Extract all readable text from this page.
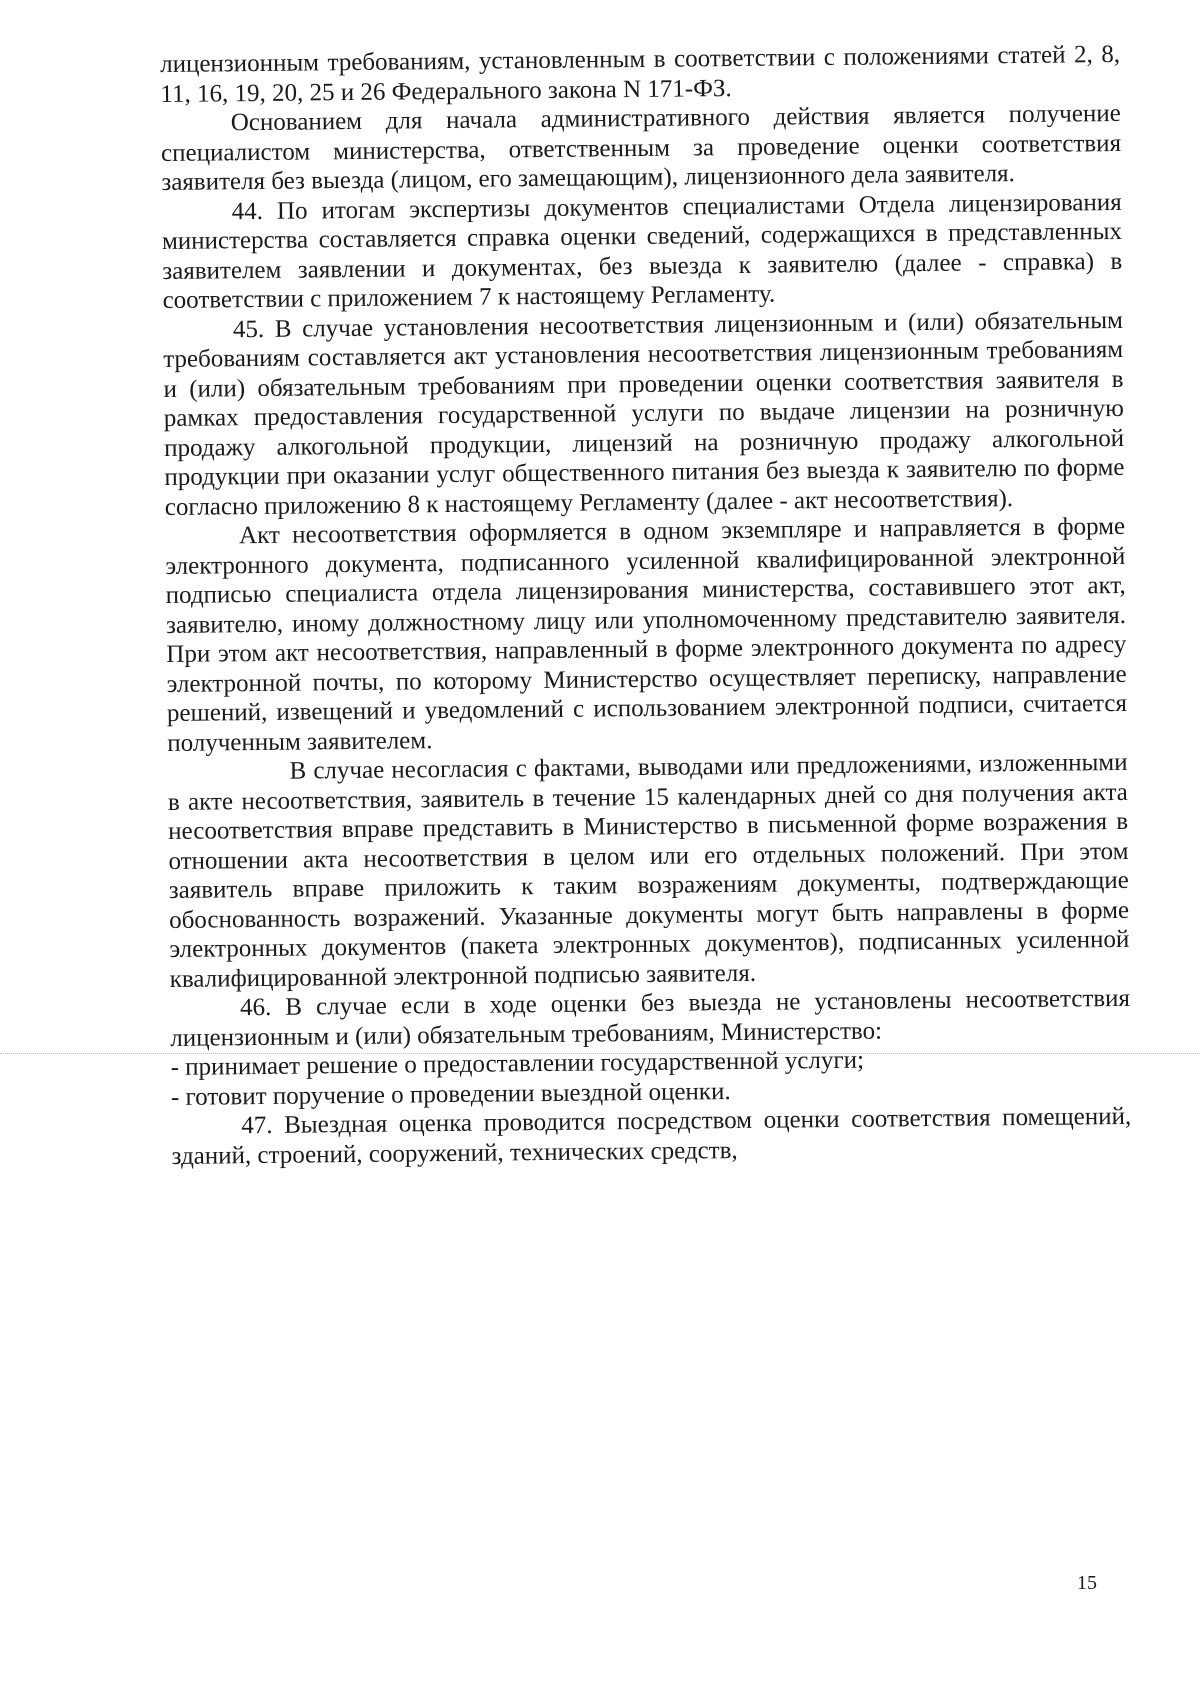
лицензионным требованиям, установленным в соответствии с положениями статей 2, 8, 11, 16, 19, 20, 25 и 26 Федерального закона N 171-ФЗ.

Основанием для начала административного действия является получение специалистом министерства, ответственным за проведение оценки соответствия заявителя без выезда (лицом, его замещающим), лицензионного дела заявителя.

44. По итогам экспертизы документов специалистами Отдела лицензирования министерства составляется справка оценки сведений, содержащихся в представленных заявителем заявлении и документах, без выезда к заявителю (далее - справка) в соответствии с приложением 7 к настоящему Регламенту.

45. В случае установления несоответствия лицензионным и (или) обязательным требованиям составляется акт установления несоответствия лицензионным требованиям и (или) обязательным требованиям при проведении оценки соответствия заявителя в рамках предоставления государственной услуги по выдаче лицензии на розничную продажу алкогольной продукции, лицензий на розничную продажу алкогольной продукции при оказании услуг общественного питания без выезда к заявителю по форме согласно приложению 8 к настоящему Регламенту (далее - акт несоответствия).

Акт несоответствия оформляется в одном экземпляре и направляется в форме электронного документа, подписанного усиленной квалифицированной электронной подписью специалиста отдела лицензирования министерства, составившего этот акт, заявителю, иному должностному лицу или уполномоченному представителю заявителя. При этом акт несоответствия, направленный в форме электронного документа по адресу электронной почты, по которому Министерство осуществляет переписку, направление решений, извещений и уведомлений с использованием электронной подписи, считается полученным заявителем.

В случае несогласия с фактами, выводами или предложениями, изложенными в акте несоответствия, заявитель в течение 15 календарных дней со дня получения акта несоответствия вправе представить в Министерство в письменной форме возражения в отношении акта несоответствия в целом или его отдельных положений. При этом заявитель вправе приложить к таким возражениям документы, подтверждающие обоснованность возражений. Указанные документы могут быть направлены в форме электронных документов (пакета электронных документов), подписанных усиленной квалифицированной электронной подписью заявителя.

46. В случае если в ходе оценки без выезда не установлены несоответствия лицензионным и (или) обязательным требованиям, Министерство:

- принимает решение о предоставлении государственной услуги;

- готовит поручение о проведении выездной оценки.

47. Выездная оценка проводится посредством оценки соответствия помещений, зданий, строений, сооружений, технических средств,

15
